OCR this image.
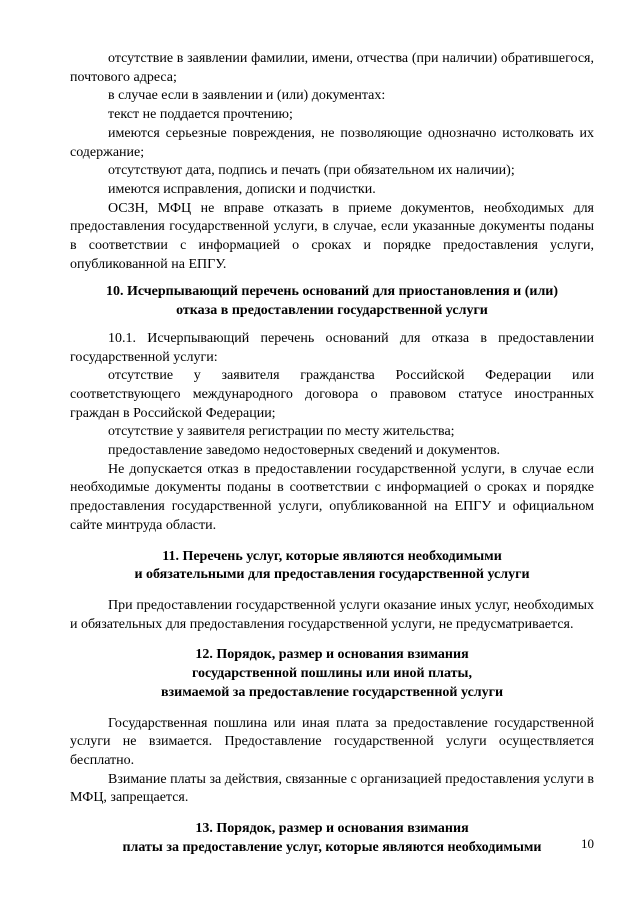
отсутствие в заявлении фамилии, имени, отчества (при наличии) обратившегося, почтового адреса;

в случае если в заявлении и (или) документах:

текст не поддается прочтению;

имеются серьезные повреждения, не позволяющие однозначно истолковать их содержание;

отсутствуют дата, подпись и печать (при обязательном их наличии);

имеются исправления, дописки и подчистки.

ОСЗН, МФЦ не вправе отказать в приеме документов, необходимых для предоставления государственной услуги, в случае, если указанные документы поданы в соответствии с информацией о сроках и порядке предоставления услуги, опубликованной на ЕПГУ.

10. Исчерпывающий перечень оснований для приостановления и (или)
отказа в предоставлении государственной услуги

10.1. Исчерпывающий перечень оснований для отказа в предоставлении государственной услуги:

отсутствие у заявителя гражданства Российской Федерации или соответствующего международного договора о правовом статусе иностранных граждан в Российской Федерации;

отсутствие у заявителя регистрации по месту жительства;

предоставление заведомо недостоверных сведений и документов.

Не допускается отказ в предоставлении государственной услуги, в случае если необходимые документы поданы в соответствии с информацией о сроках и порядке предоставления государственной услуги, опубликованной на ЕПГУ и официальном сайте минтруда области.

11. Перечень услуг, которые являются необходимыми
и обязательными для предоставления государственной услуги

При предоставлении государственной услуги оказание иных услуг, необходимых и обязательных для предоставления государственной услуги, не предусматривается.

12. Порядок, размер и основания взимания
государственной пошлины или иной платы,
взимаемой за предоставление государственной услуги

Государственная пошлина или иная плата за предоставление государственной услуги не взимается. Предоставление государственной услуги осуществляется бесплатно.

Взимание платы за действия, связанные с организацией предоставления услуги в МФЦ, запрещается.

13. Порядок, размер и основания взимания
платы за предоставление услуг, которые являются необходимыми	10
